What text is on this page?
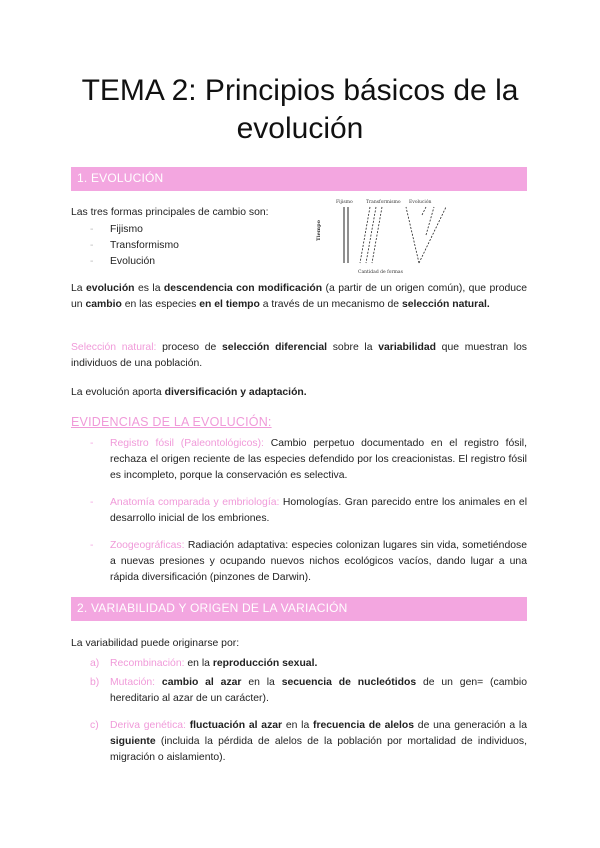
TEMA 2: Principios básicos de la evolución
1. EVOLUCIÓN

Las tres formas principales de cambio son:

- Fijismo
- Transformismo
- Evolución
Fijismo	Transformismo Evolución
Tiempo
Cantidad de formas

La evolución es la descendencia con modificación (a partir de un origen común), que produce un cambio en las especies en el tiempo a través de un mecanismo de selección natural.

Selección natural: proceso de selección diferencial sobre la variabilidad que muestran los individuos de una población.

La evolución aporta diversificación y adaptación.

EVIDENCIAS DE LA EVOLUCIÓN:

- Registro fósil (Paleontológicos): Cambio perpetuo documentado en el registro fósil, rechaza el origen reciente de las especies defendido por los creacionistas. El registro fósil es incompleto, porque la conservación es selectiva.
- Anatomía comparada y embriología: Homologías. Gran parecido entre los animales en el desarrollo inicial de los embriones.
- Zoogeográficas: Radiación adaptativa: especies colonizan lugares sin vida, sometiéndose a nuevas presiones y ocupando nuevos nichos ecológicos vacíos, dando lugar a una rápida diversificación (pinzones de Darwin).
2. VARIABILIDAD Y ORIGEN DE LA VARIACIÓN

La variabilidad puede originarse por:

a) Recombinación: en la reproducción sexual.
b) Mutación: cambio al azar en la secuencia de nucleótidos de un gen= (cambio hereditario al azar de un carácter).
c) Deriva genética: fluctuación al azar en la frecuencia de alelos de una generación a la siguiente (incluida la pérdida de alelos de la población por mortalidad de individuos, migración o aislamiento).
